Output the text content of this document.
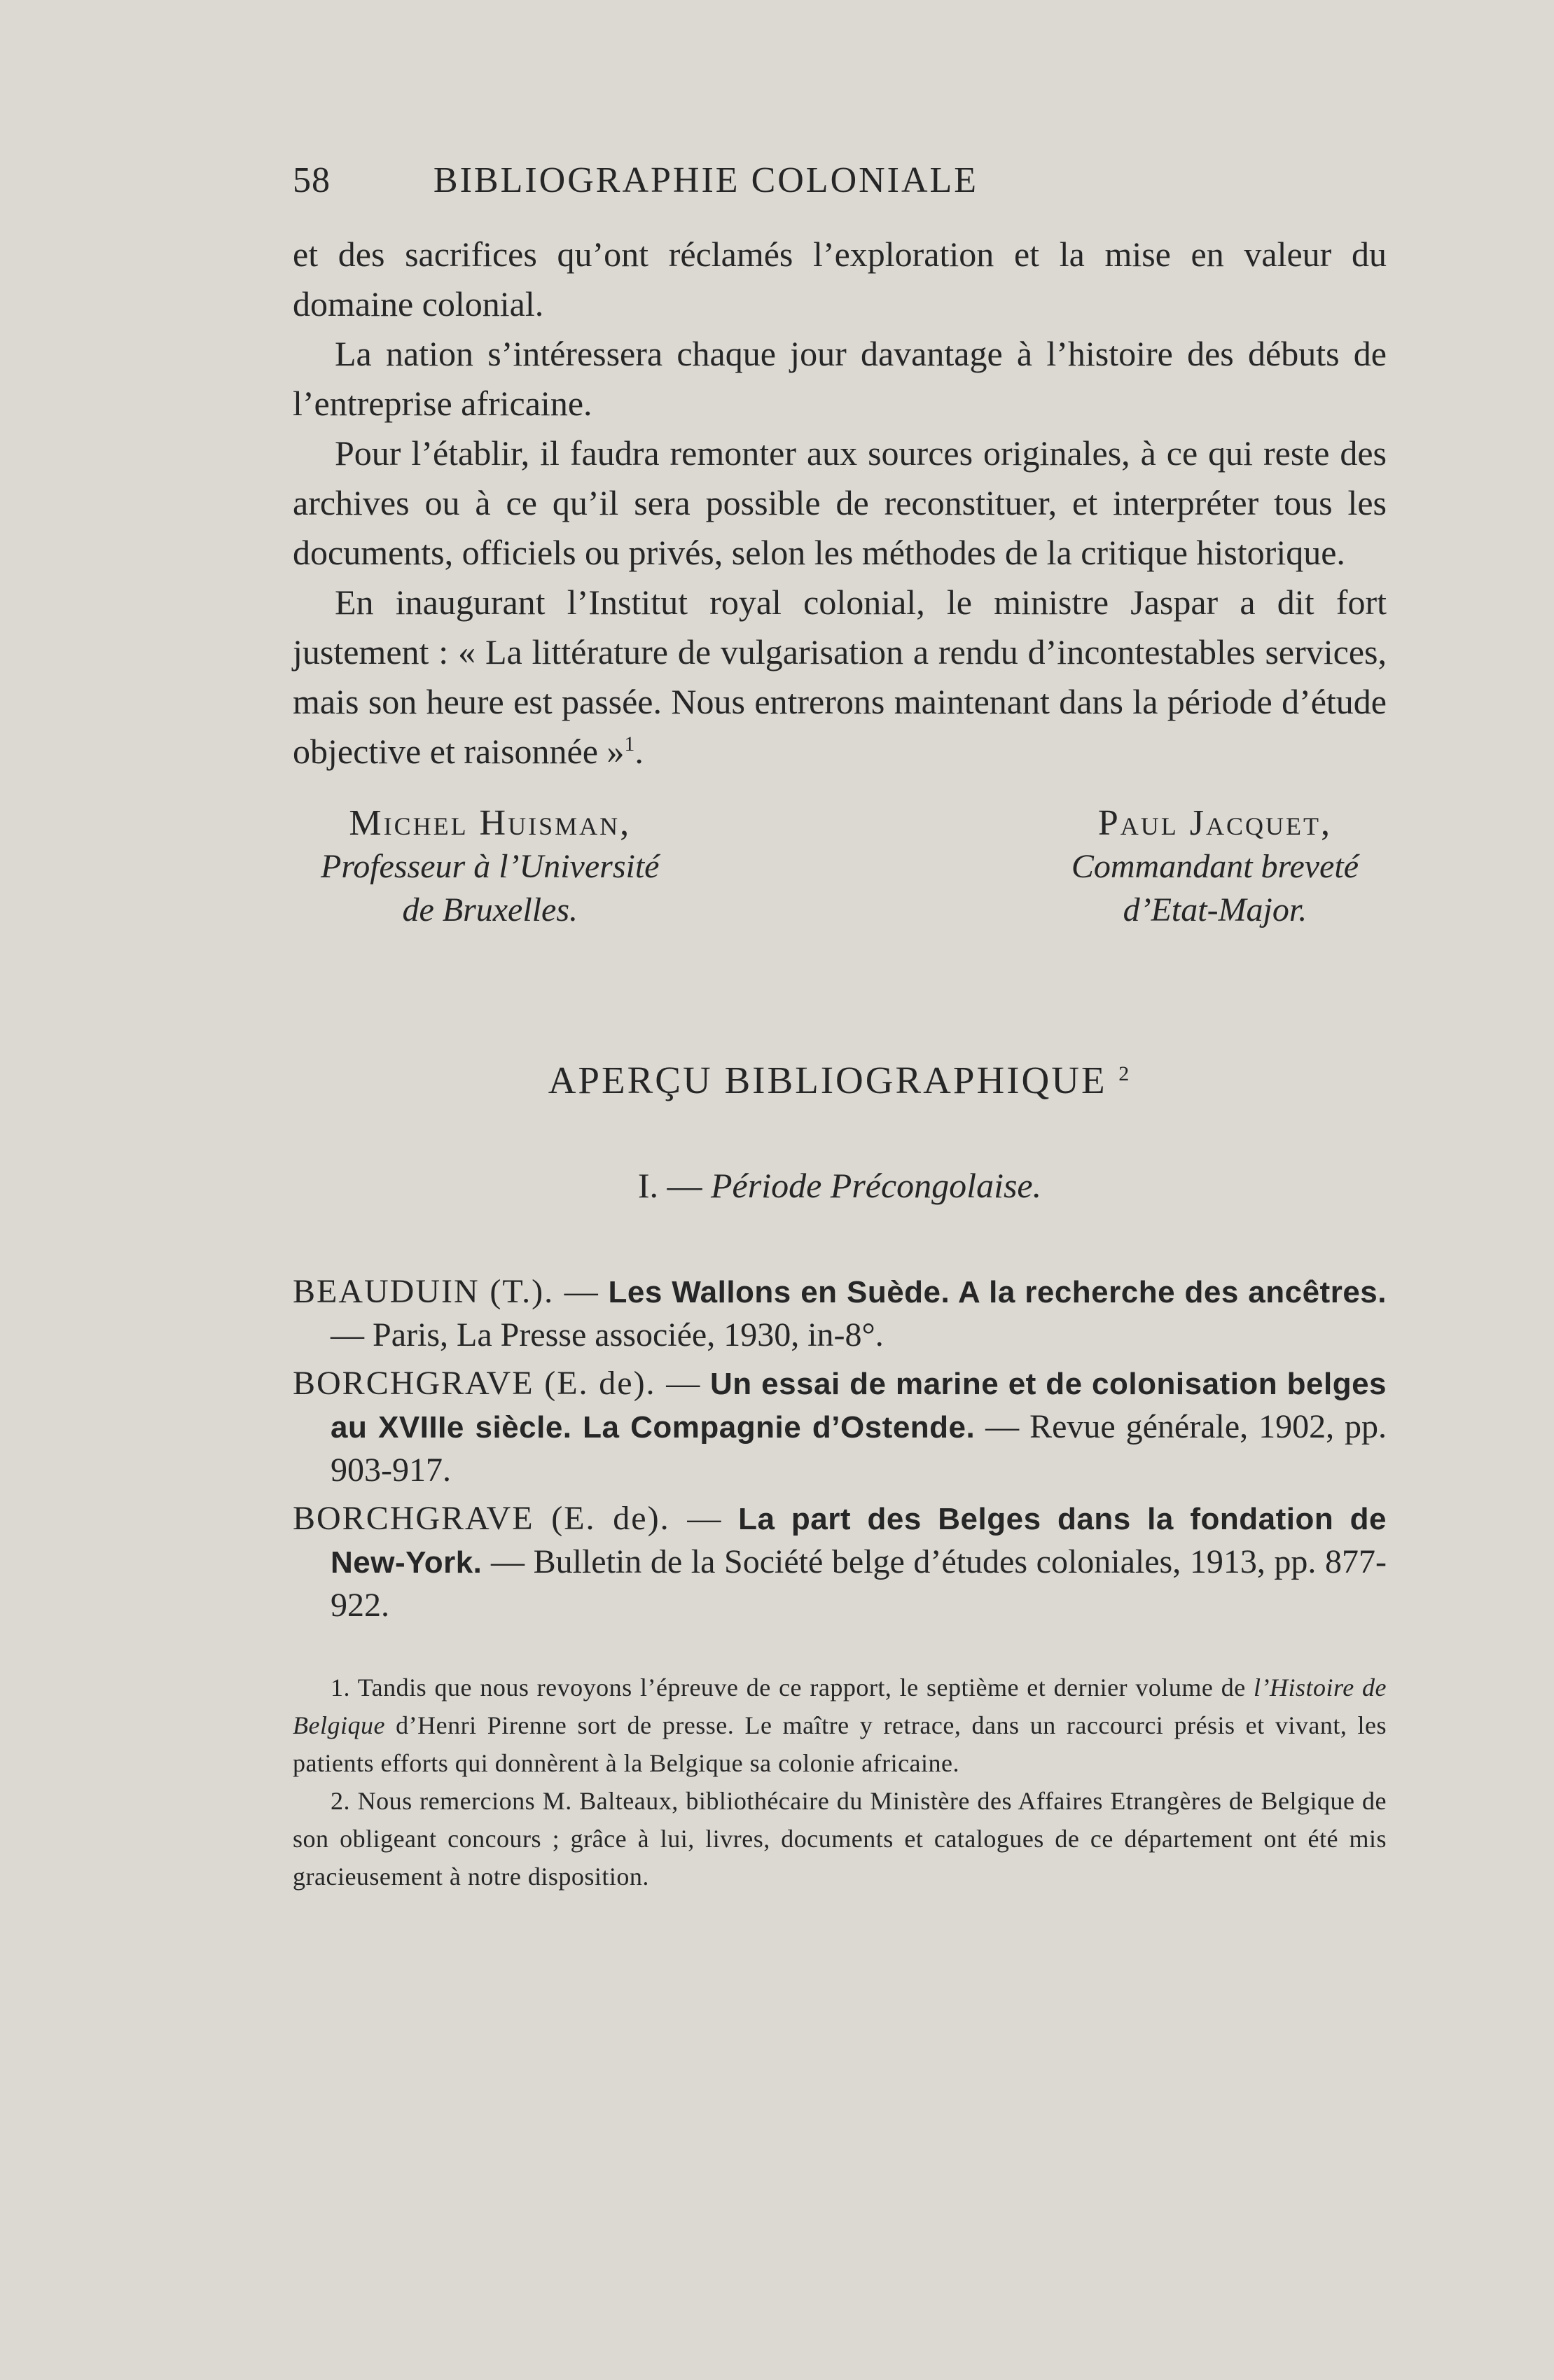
58	BIBLIOGRAPHIE COLONIALE

et des sacrifices qu’ont réclamés l’exploration et la mise en valeur du domaine colonial.

La nation s’intéressera chaque jour davantage à l’histoire des débuts de l’entreprise africaine.

Pour l’établir, il faudra remonter aux sources originales, à ce qui reste des archives ou à ce qu’il sera possible de reconstituer, et interpréter tous les documents, officiels ou privés, selon les méthodes de la critique historique.

En inaugurant l’Institut royal colonial, le ministre Jaspar a dit fort justement : « La littérature de vulgarisation a rendu d’incontestables services, mais son heure est passée. Nous entrerons maintenant dans la période d’étude objective et raisonnée »$^1$.

Michel Huisman,
Professeur à l’Université
de Bruxelles.
Paul Jacquet,
Commandant breveté
d’Etat-Major.
APERÇU BIBLIOGRAPHIQUE $^2$
I. — Période Précongolaise.
BEAUDUIN (T.). — Les Wallons en Suède. A la recherche des ancêtres. — Paris, La Presse associée, 1930, in-8°.
BORCHGRAVE (E. de). — Un essai de marine et de colonisation belges au XVIIIe siècle. La Compagnie d’Ostende. — Revue générale, 1902, pp. 903-917.
BORCHGRAVE (E. de). — La part des Belges dans la fondation de New-York. — Bulletin de la Société belge d’études coloniales, 1913, pp. 877-922.

1. Tandis que nous revoyons l’épreuve de ce rapport, le septième et dernier volume de l’Histoire de Belgique d’Henri Pirenne sort de presse. Le maître y retrace, dans un raccourci présis et vivant, les patients efforts qui donnèrent à la Belgique sa colonie africaine.

2. Nous remercions M. Balteaux, bibliothécaire du Ministère des Affaires Etrangères de Belgique de son obligeant concours ; grâce à lui, livres, documents et catalogues de ce département ont été mis gracieusement à notre disposition.
